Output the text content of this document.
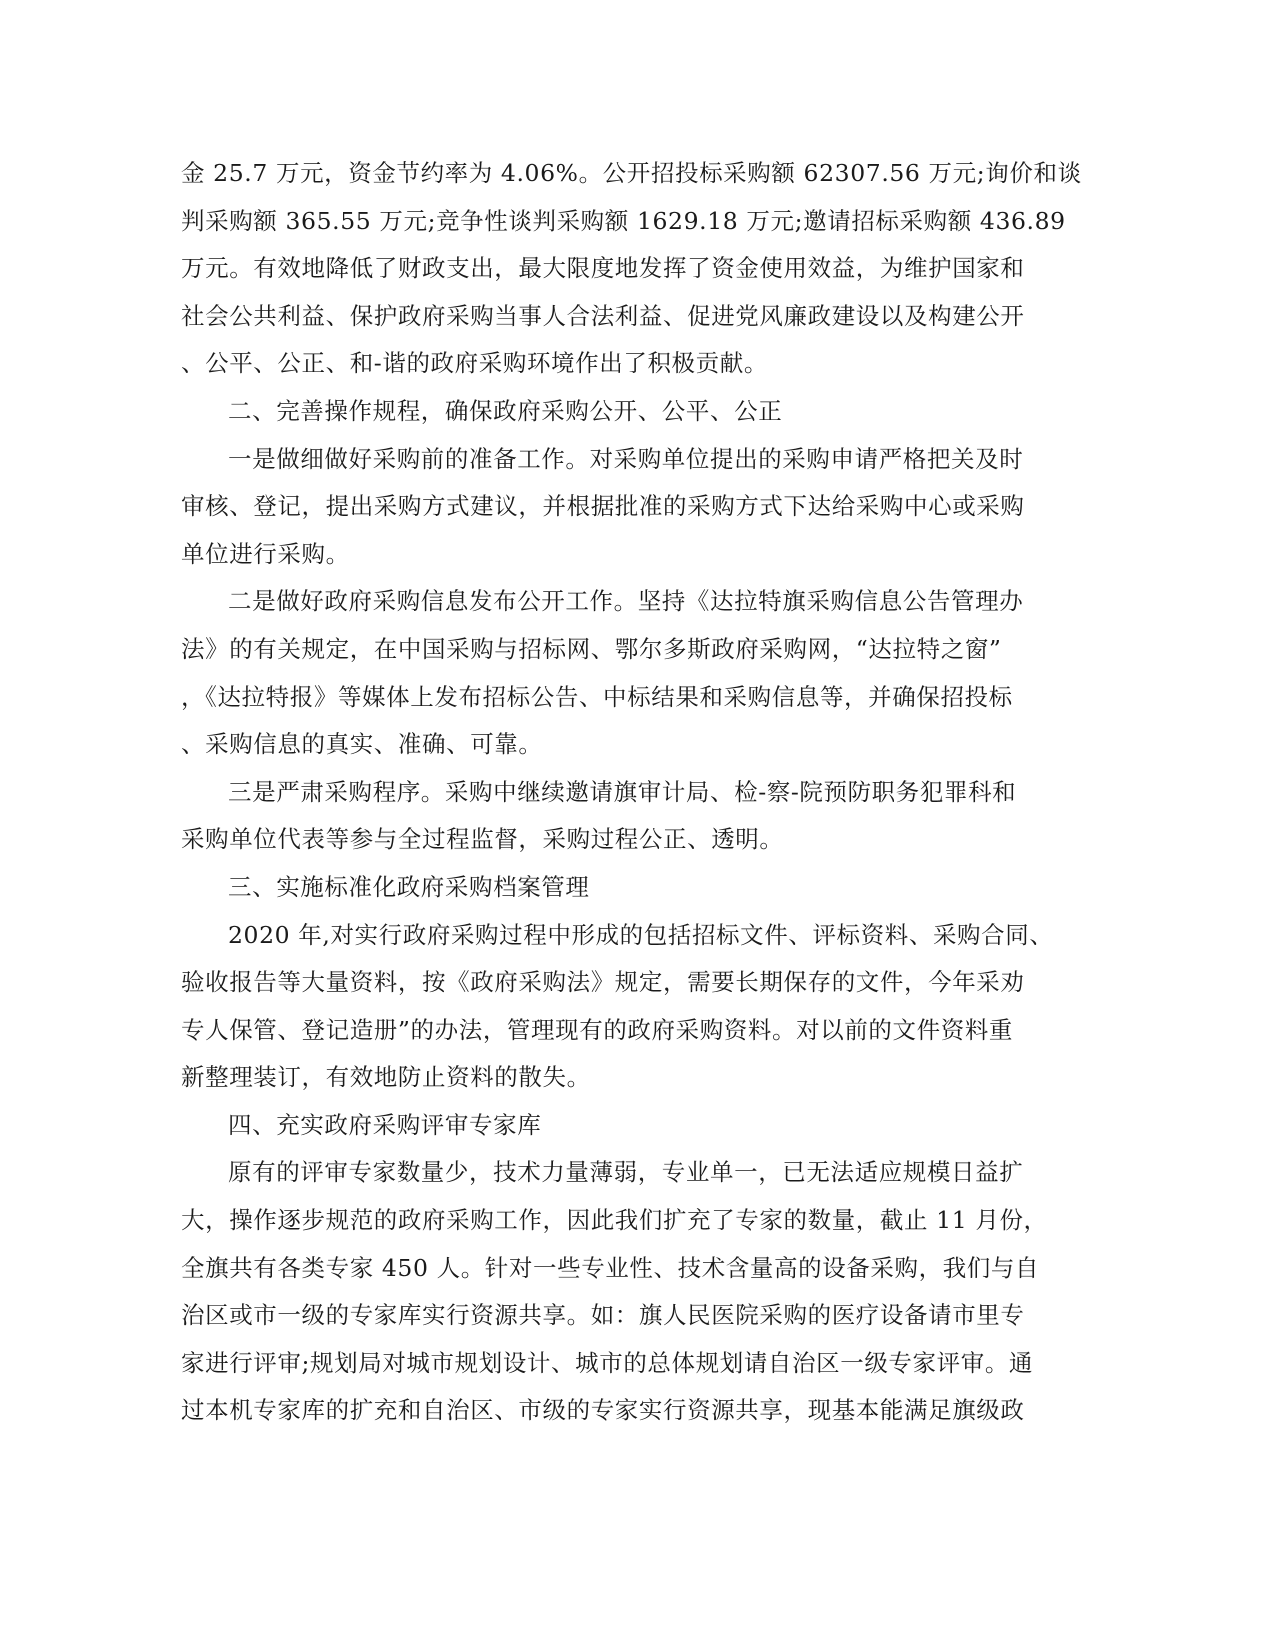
金 25.7 万元，资金节约率为 4.06%。公开招投标采购额 62307.56 万元;询价和谈
判采购额 365.55 万元;竞争性谈判采购额 1629.18 万元;邀请招标采购额 436.89
万元。有效地降低了财政支出，最大限度地发挥了资金使用效益，为维护国家和
社会公共利益、保护政府采购当事人合法利益、促进党风廉政建设以及构建公开
、公平、公正、和-谐的政府采购环境作出了积极贡献。
二、完善操作规程，确保政府采购公开、公平、公正
一是做细做好采购前的准备工作。对采购单位提出的采购申请严格把关及时
审核、登记，提出采购方式建议，并根据批准的采购方式下达给采购中心或采购
单位进行采购。
二是做好政府采购信息发布公开工作。坚持《达拉特旗采购信息公告管理办
法》的有关规定，在中国采购与招标网、鄂尔多斯政府采购网，“达拉特之窗”
，《达拉特报》等媒体上发布招标公告、中标结果和采购信息等，并确保招投标
、采购信息的真实、准确、可靠。
三是严肃采购程序。采购中继续邀请旗审计局、检-察-院预防职务犯罪科和
采购单位代表等参与全过程监督，采购过程公正、透明。
三、实施标准化政府采购档案管理
2020 年,对实行政府采购过程中形成的包括招标文件、评标资料、采购合同、
验收报告等大量资料，按《政府采购法》规定，需要长期保存的文件，今年采劝
专人保管、登记造册”的办法，管理现有的政府采购资料。对以前的文件资料重
新整理装订，有效地防止资料的散失。
四、充实政府采购评审专家库
原有的评审专家数量少，技术力量薄弱，专业单一，已无法适应规模日益扩
大，操作逐步规范的政府采购工作，因此我们扩充了专家的数量，截止 11 月份，
全旗共有各类专家 450 人。针对一些专业性、技术含量高的设备采购，我们与自
治区或市一级的专家库实行资源共享。如：旗人民医院采购的医疗设备请市里专
家进行评审;规划局对城市规划设计、城市的总体规划请自治区一级专家评审。通
过本机专家库的扩充和自治区、市级的专家实行资源共享，现基本能满足旗级政
